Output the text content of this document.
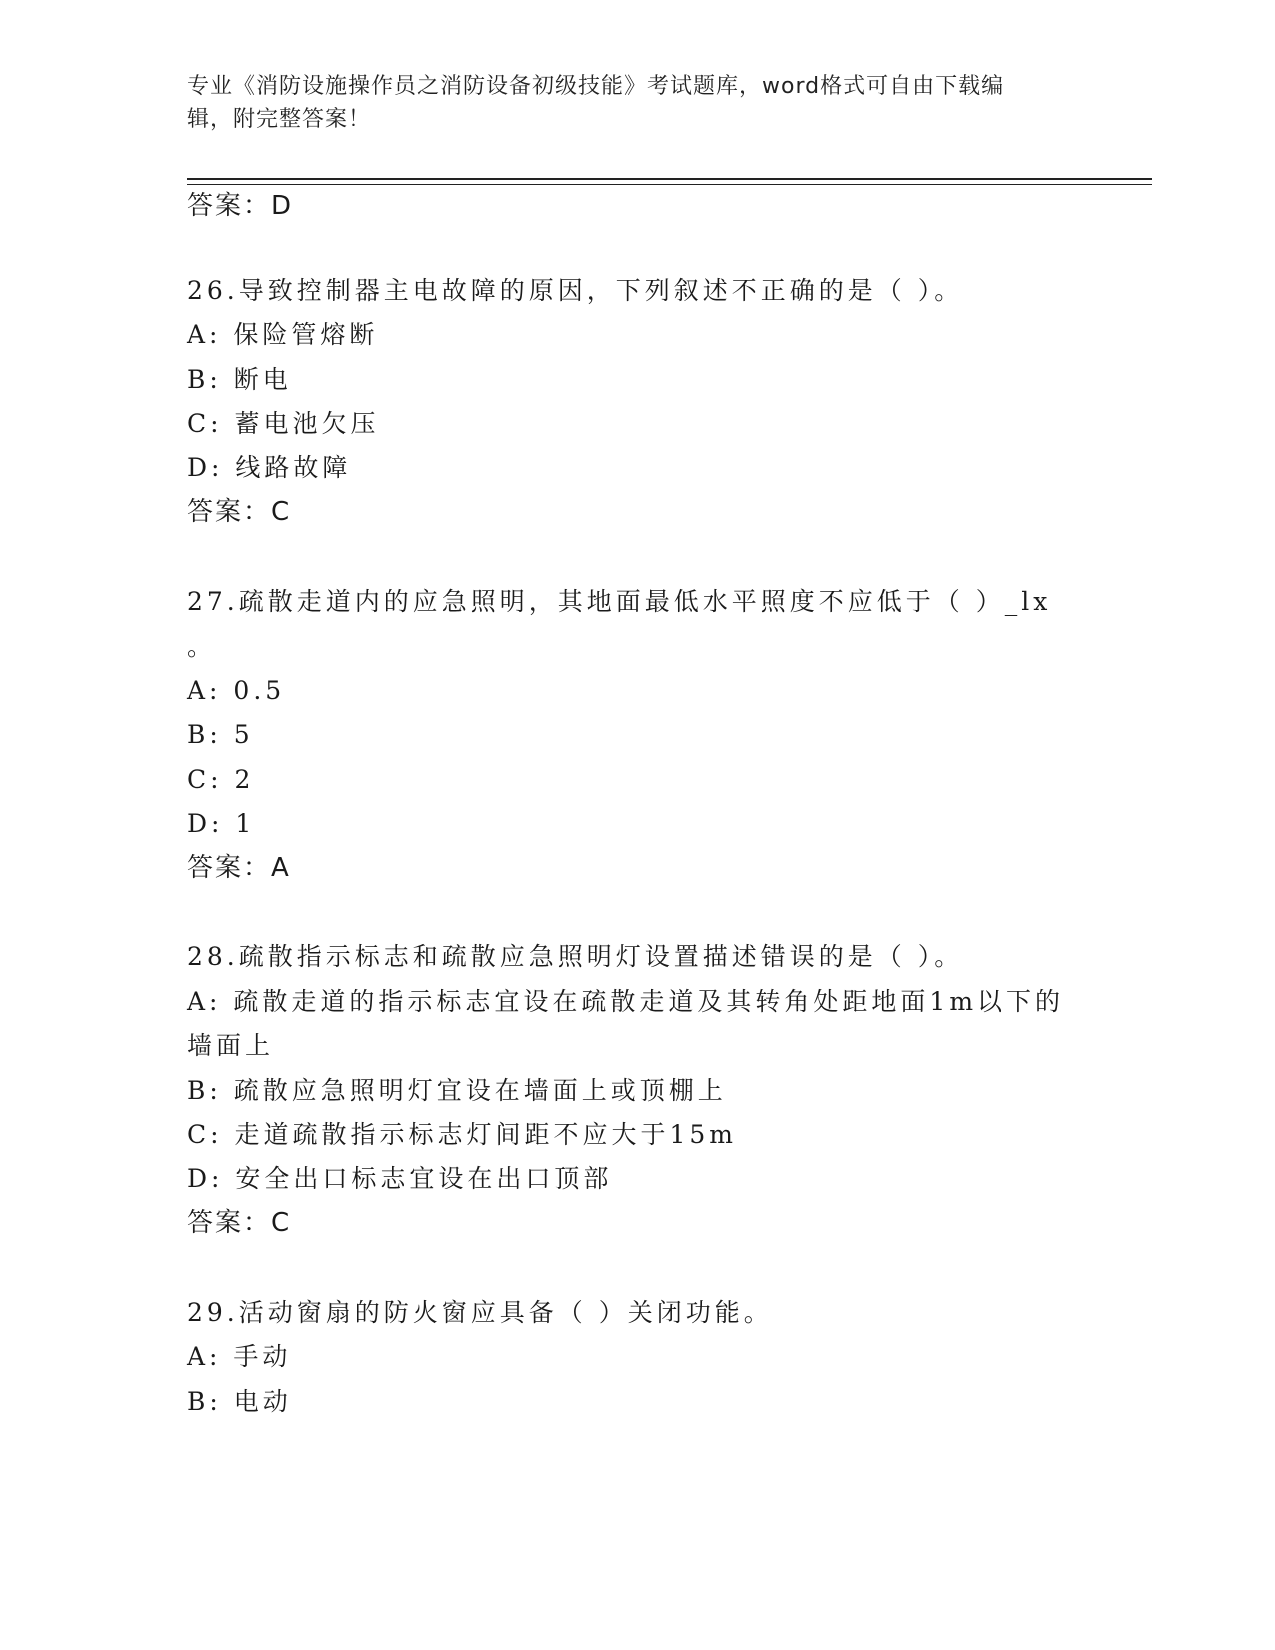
专业《消防设施操作员之消防设备初级技能》考试题库，word格式可自由下载编
辑，附完整答案！
答案：D
26.导致控制器主电故障的原因，下列叙述不正确的是（ ）。
A: 保险管熔断
B: 断电
C: 蓄电池欠压
D: 线路故障
答案：C
27.疏散走道内的应急照明，其地面最低水平照度不应低于（ ）_lx
。
A: 0.5
B: 5
C: 2
D: 1
答案：A
28.疏散指示标志和疏散应急照明灯设置描述错误的是（ ）。
A: 疏散走道的指示标志宜设在疏散走道及其转角处距地面1m以下的
墙面上
B: 疏散应急照明灯宜设在墙面上或顶棚上
C: 走道疏散指示标志灯间距不应大于15m
D: 安全出口标志宜设在出口顶部
答案：C
29.活动窗扇的防火窗应具备（ ）关闭功能。
A: 手动
B: 电动
